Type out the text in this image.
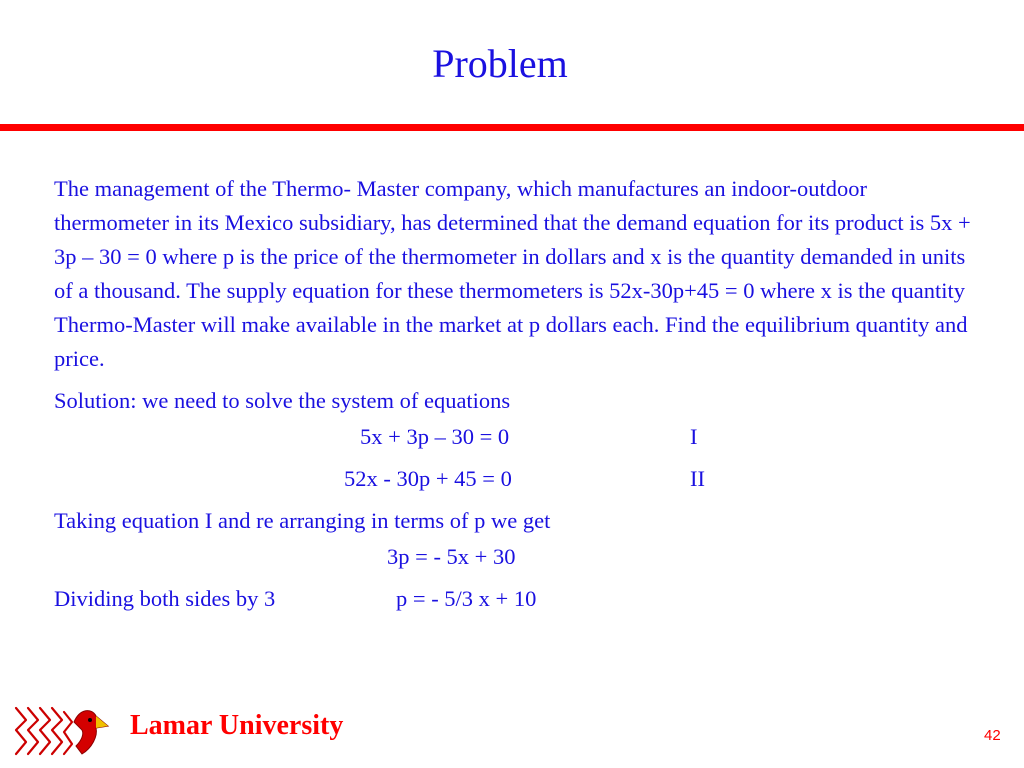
Problem

The management of the Thermo- Master company, which manufactures an indoor-outdoor thermometer in its Mexico subsidiary, has determined that the demand equation for its product is 5x + 3p – 30 = 0 where p is the price of the thermometer in dollars and x is the quantity demanded in units of a thousand. The supply equation for these thermometers is 52x-30p+45 = 0 where x is the quantity Thermo-Master will make available in the market at p dollars each. Find the equilibrium quantity and price.

Solution: we need to solve the system of equations

5x + 3p – 30 = 0	I
52x - 30p + 45 = 0	II

Taking equation I and re arranging in terms of p we get

3p = - 5x + 30
Dividing both sides by 3	p = - 5/3 x + 10
Lamar University	42
